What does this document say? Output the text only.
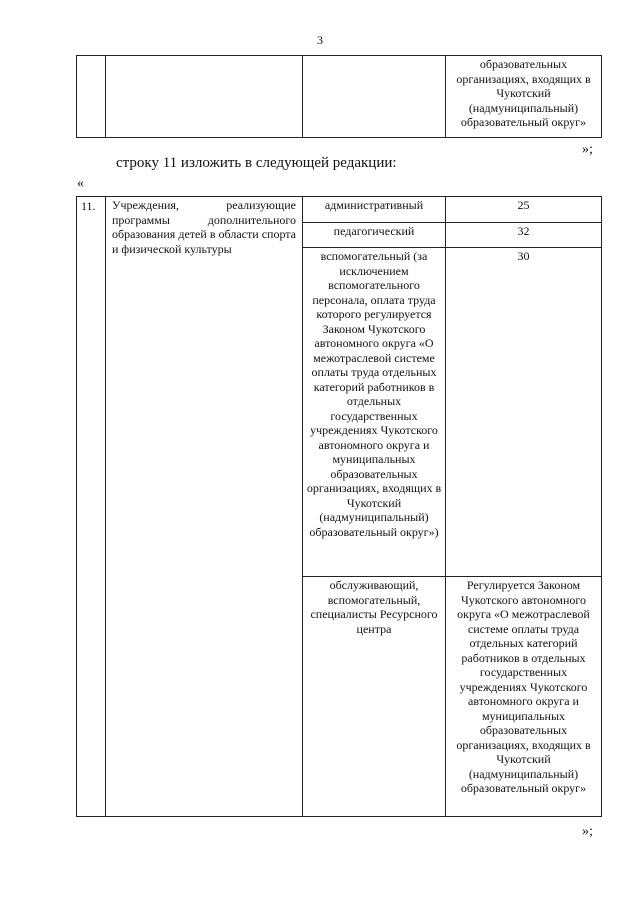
3
			образовательных организациях, входящих в Чукотский (надмуниципальный) образовательный округ»
»;
строку 11 изложить в следующей редакции:
«
11.	Учреждения, реализующие программы дополнительного образования детей в области спорта и физической культуры	административный	25
		педагогический	32
		вспомогательный (за исключением вспомогательного персонала, оплата труда которого регулируется Законом Чукотского автономного округа «О межотраслевой системе оплаты труда отдельных категорий работников в отдельных государственных учреждениях Чукотского автономного округа и муниципальных образовательных организациях, входящих в Чукотский (надмуниципальный) образовательный округ»)	30
		обслуживающий, вспомогательный, специалисты Ресурсного центра	Регулируется Законом Чукотского автономного округа «О межотраслевой системе оплаты труда отдельных категорий работников в отдельных государственных учреждениях Чукотского автономного округа и муниципальных образовательных организациях, входящих в Чукотский (надмуниципальный) образовательный округ»
»;
